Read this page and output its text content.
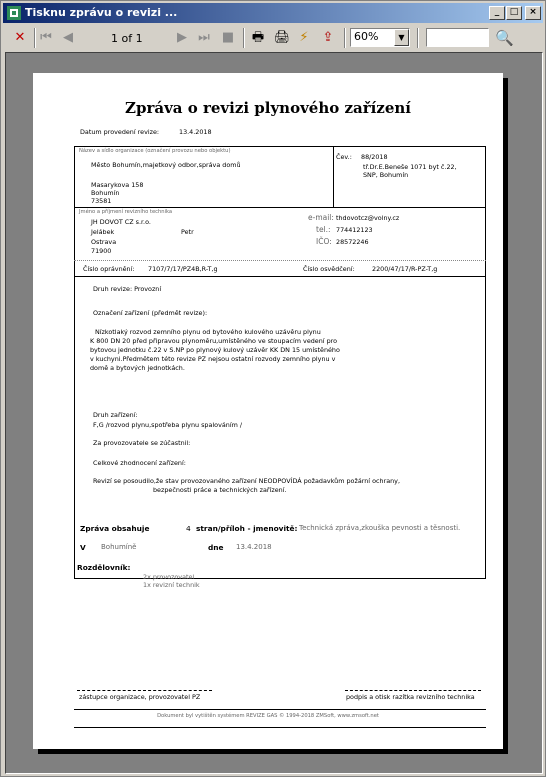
Tisknu zprávu o revizi ...	_	□	×
✕ ⏮ ◀	1 of 1	▶ ⏭ ■ 🖶 🖨 ⚡	⇪	60%	▼	🔍
Zpráva o revizi plynového zařízení
Datum provedení revize:	13.4.2018
Název a sídlo organizace (označení provozu nebo objektu)
Město Bohumín,majetkový odbor,správa domů
Masarykova 158
Bohumín
73581
Čev.: 88/2018
tř.Dr.E.Beneše 1071 byt č.22,
SNP, Bohumín
Jméno a příjmení revizního technika
JH DOVOT CZ s.r.o.
Jelábek	Petr
Ostrava
71900
e-mail: thdovotcz@volny.cz
tel.: 774412123
IČO: 28572246
Číslo oprávnění: 7107/7/17/PZ4B,R-T,g	Číslo osvědčení:	2200/47/17/R-PZ-T,g
Druh revize: Provozní
Označení zařízení (předmět revize):
Nízkotlaký rozvod zemního plynu od bytového kulového uzávěru plynu
K 800 DN 20 před připravou plynoměru,umístěného ve stoupacím vedení pro
bytovou jednotku č.22 v S.NP po plynový kulový uzávěr KK DN 15 umístěného
v kuchyni.Předmětem této revize PZ nejsou ostatní rozvody zemního plynu v
domě a bytových jednotkách.
Druh zařízení:
F,G /rozvod plynu,spotřeba plynu spalováním /
Za provozovatele se zúčastnil:
Celkové zhodnocení zařízení:
Revizí se posoudilo,že stav provozovaného zařízení NEODPOVÍDÁ požadavkům požární ochrany,
bezpečnosti práce a technických zařízení.
Zpráva obsahuje	4 stran/příloh - jmenovitě: Technická zpráva,zkouška pevnosti a těsnosti.
V Bohumíně	dne 13.4.2018
Rozdělovník:
2x provozovatel
1x revizní technik
zástupce organizace, provozovatel PZ	podpis a otisk razítka revizního technika
Dokument byl vytištěn systémem REVIZE GAS © 1994-2018 ZMSoft, www.zmsoft.net
